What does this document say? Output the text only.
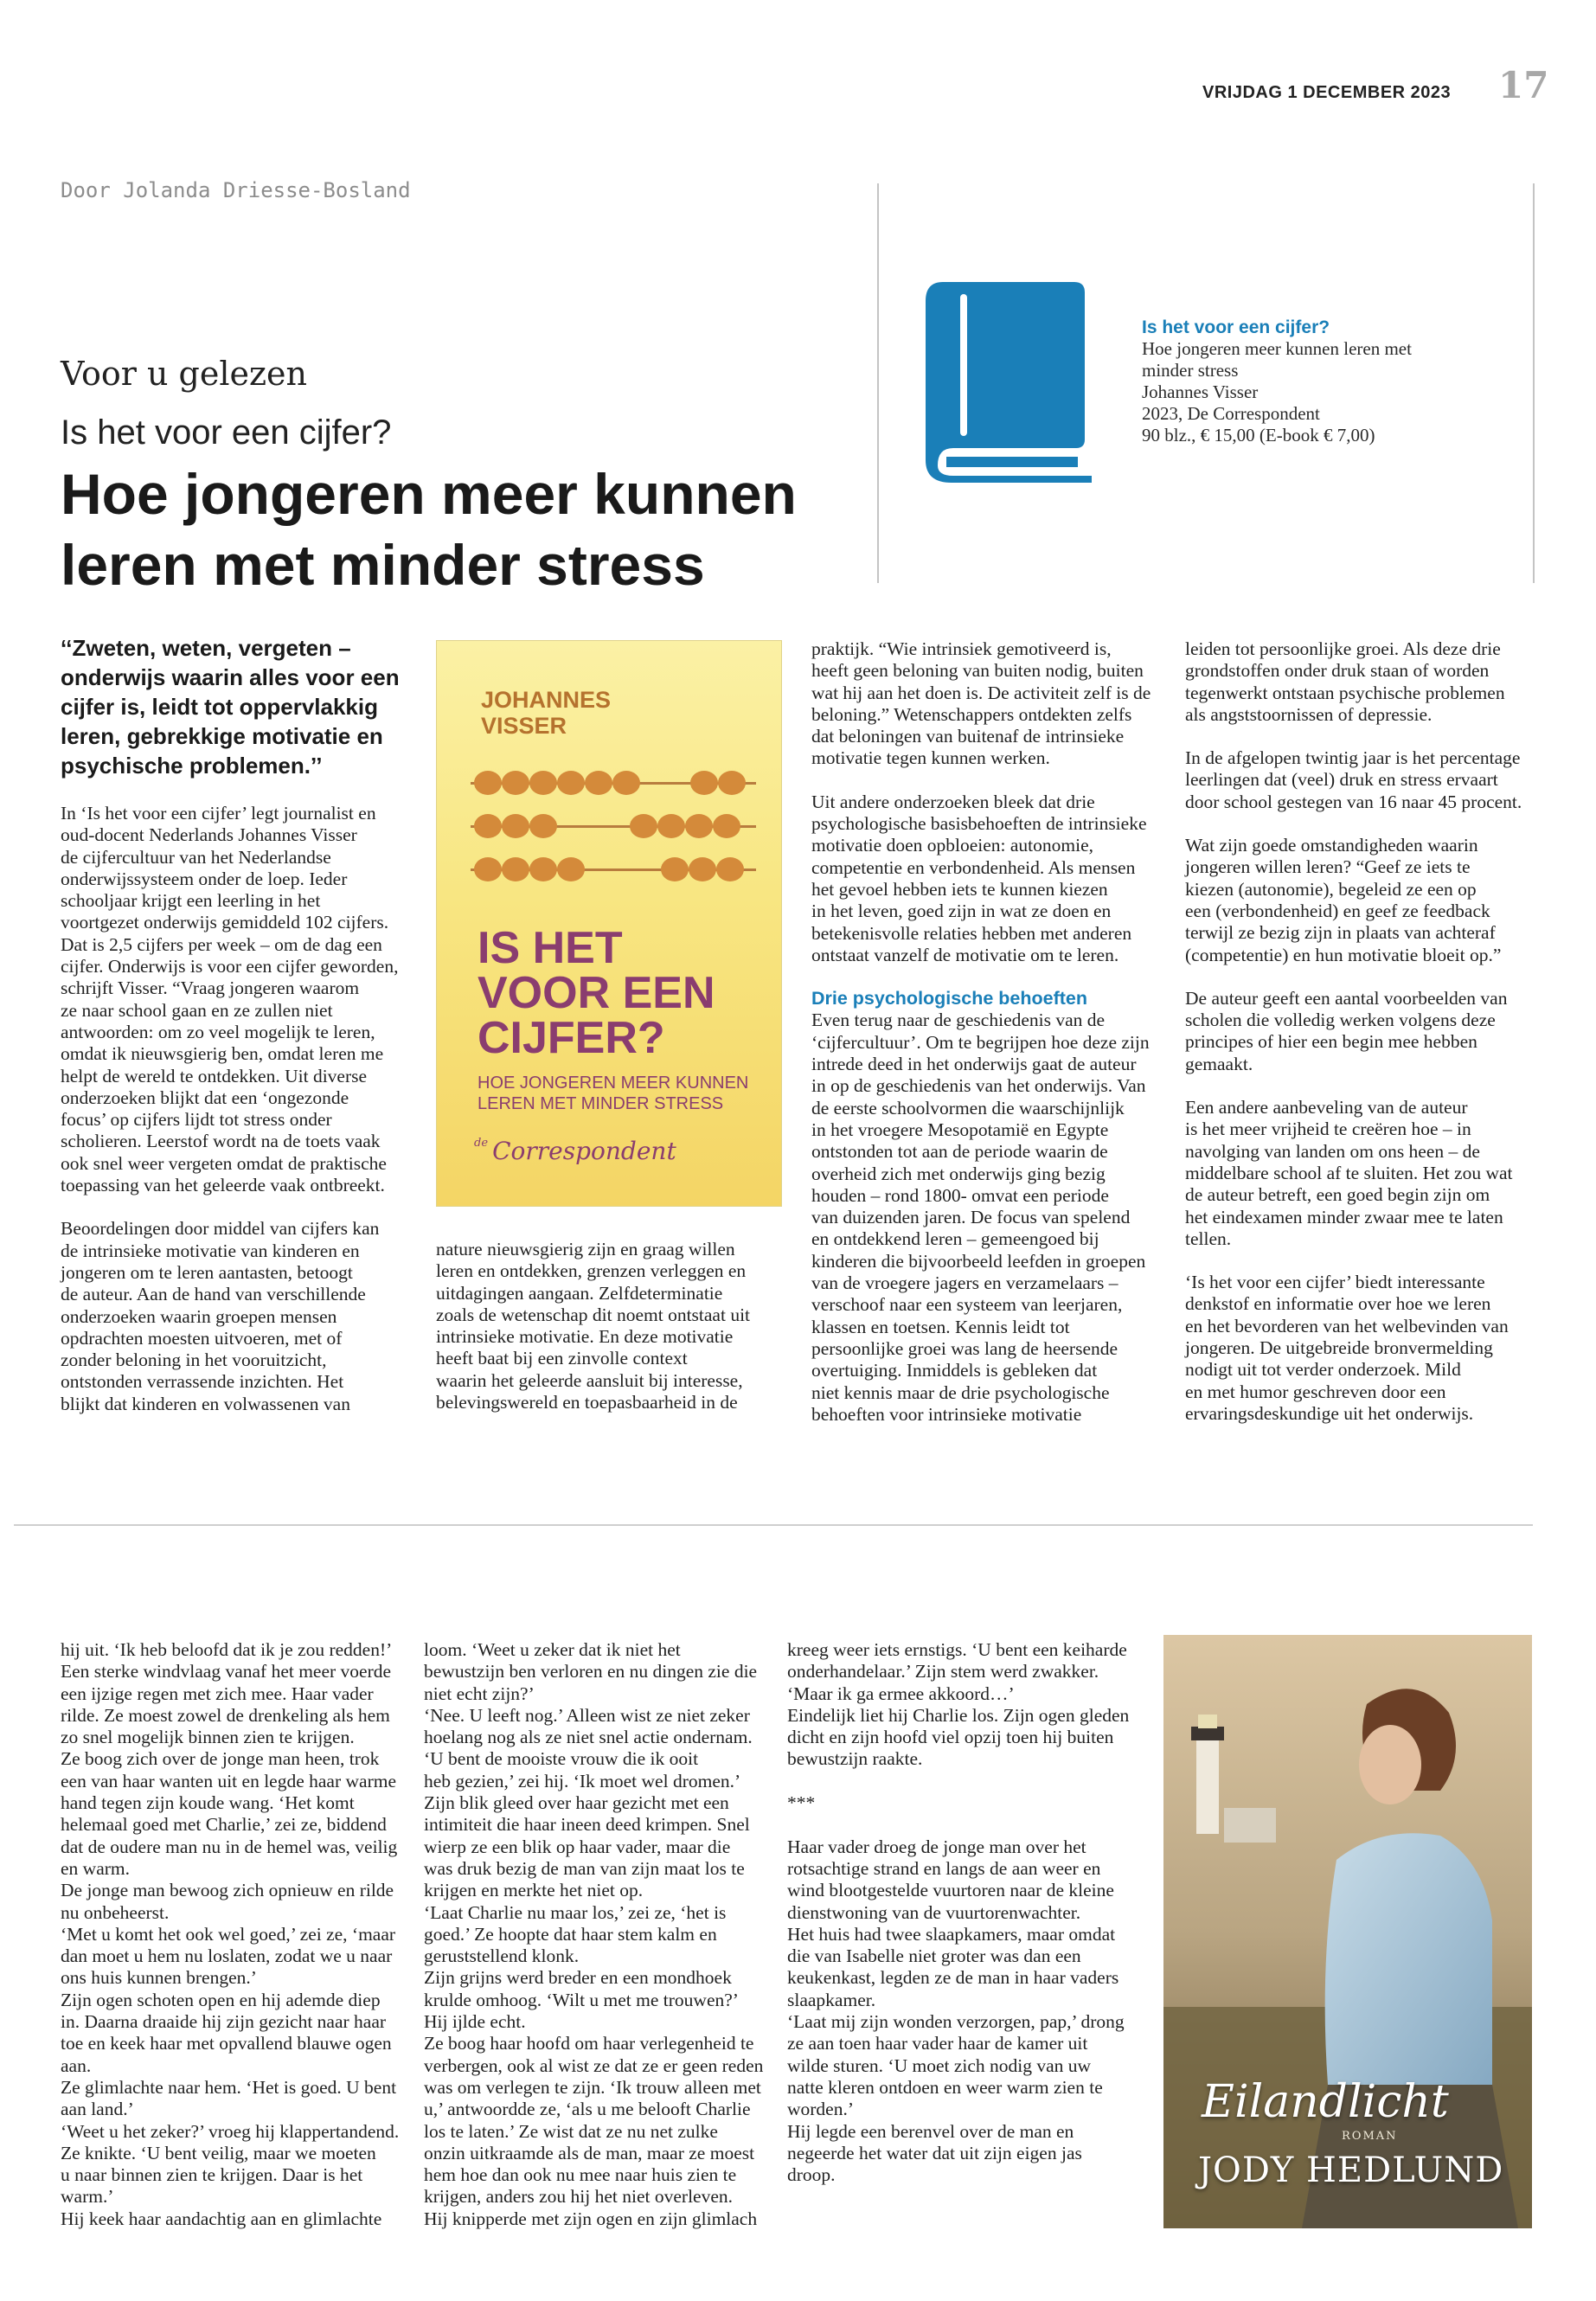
VRIJDAG 1 DECEMBER 2023 17
Door Jolanda Driesse-Bosland
Voor u gelezen
Is het voor een cijfer?
Hoe jongeren meer kunnen
leren met minder stress
Is het voor een cijfer?
Hoe jongeren meer kunnen leren met
minder stress
Johannes Visser
2023, De Correspondent
90 blz., € 15,00 (E-book € 7,00)
‘‘Zweten, weten, vergeten – onderwijs waarin alles voor een cijfer is, leidt tot oppervlakkig leren, gebrekkige motivatie en psychische problemen.’’

In ‘Is het voor een cijfer’ legt journalist en
oud-docent Nederlands Johannes Visser
de cijfercultuur van het Nederlandse
onderwijssysteem onder de loep. Ieder
schooljaar krijgt een leerling in het
voortgezet onderwijs gemiddeld 102 cijfers.
Dat is 2,5 cijfers per week – om de dag een
cijfer. Onderwijs is voor een cijfer geworden,
schrijft Visser. “Vraag jongeren waarom
ze naar school gaan en ze zullen niet
antwoorden: om zo veel mogelijk te leren,
omdat ik nieuwsgierig ben, omdat leren me
helpt de wereld te ontdekken. Uit diverse
onderzoeken blijkt dat een ‘ongezonde
focus’ op cijfers lijdt tot stress onder
scholieren. Leerstof wordt na de toets vaak
ook snel weer vergeten omdat de praktische
toepassing van het geleerde vaak ontbreekt.

Beoordelingen door middel van cijfers kan
de intrinsieke motivatie van kinderen en
jongeren om te leren aantasten, betoogt
de auteur. Aan de hand van verschillende
onderzoeken waarin groepen mensen
opdrachten moesten uitvoeren, met of
zonder beloning in het vooruitzicht,
ontstonden verrassende inzichten. Het
blijkt dat kinderen en volwassenen van

JOHANNES
VISSER
IS HET
VOOR EEN
CIJFER?
HOE JONGEREN MEER KUNNEN
LEREN MET MINDER STRESS
$^{de}$ Correspondent

nature nieuwsgierig zijn en graag willen
leren en ontdekken, grenzen verleggen en
uitdagingen aangaan. Zelfdeterminatie
zoals de wetenschap dit noemt ontstaat uit
intrinsieke motivatie. En deze motivatie
heeft baat bij een zinvolle context
waarin het geleerde aansluit bij interesse,
belevingswereld en toepasbaarheid in de

praktijk. “Wie intrinsiek gemotiveerd is,
heeft geen beloning van buiten nodig, buiten
wat hij aan het doen is. De activiteit zelf is de
beloning.” Wetenschappers ontdekten zelfs
dat beloningen van buitenaf de intrinsieke
motivatie tegen kunnen werken.

Uit andere onderzoeken bleek dat drie
psychologische basisbehoeften de intrinsieke
motivatie doen opbloeien: autonomie,
competentie en verbondenheid. Als mensen
het gevoel hebben iets te kunnen kiezen
in het leven, goed zijn in wat ze doen en
betekenisvolle relaties hebben met anderen
ontstaat vanzelf de motivatie om te leren.

Drie psychologische behoeften

Even terug naar de geschiedenis van de
‘cijfercultuur’. Om te begrijpen hoe deze zijn
intrede deed in het onderwijs gaat de auteur
in op de geschiedenis van het onderwijs. Van
de eerste schoolvormen die waarschijnlijk
in het vroegere Mesopotamië en Egypte
ontstonden tot aan de periode waarin de
overheid zich met onderwijs ging bezig
houden – rond 1800- omvat een periode
van duizenden jaren. De focus van spelend
en ontdekkend leren – gemeengoed bij
kinderen die bijvoorbeeld leefden in groepen
van de vroegere jagers en verzamelaars –
verschoof naar een systeem van leerjaren,
klassen en toetsen. Kennis leidt tot
persoonlijke groei was lang de heersende
overtuiging. Inmiddels is gebleken dat
niet kennis maar de drie psychologische
behoeften voor intrinsieke motivatie

leiden tot persoonlijke groei. Als deze drie
grondstoffen onder druk staan of worden
tegenwerkt ontstaan psychische problemen
als angststoornissen of depressie.

In de afgelopen twintig jaar is het percentage
leerlingen dat (veel) druk en stress ervaart
door school gestegen van 16 naar 45 procent.

Wat zijn goede omstandigheden waarin
jongeren willen leren? “Geef ze iets te
kiezen (autonomie), begeleid ze een op
een (verbondenheid) en geef ze feedback
terwijl ze bezig zijn in plaats van achteraf
(competentie) en hun motivatie bloeit op.”

De auteur geeft een aantal voorbeelden van
scholen die volledig werken volgens deze
principes of hier een begin mee hebben
gemaakt.

Een andere aanbeveling van de auteur
is het meer vrijheid te creëren hoe – in
navolging van landen om ons heen – de
middelbare school af te sluiten. Het zou wat
de auteur betreft, een goed begin zijn om
het eindexamen minder zwaar mee te laten
tellen.

‘Is het voor een cijfer’ biedt interessante
denkstof en informatie over hoe we leren
en het bevorderen van het welbevinden van
jongeren. De uitgebreide bronvermelding
nodigt uit tot verder onderzoek. Mild
en met humor geschreven door een
ervaringsdeskundige uit het onderwijs.

hij uit. ‘Ik heb beloofd dat ik je zou redden!’
Een sterke windvlaag vanaf het meer voerde
een ijzige regen met zich mee. Haar vader
rilde. Ze moest zowel de drenkeling als hem
zo snel mogelijk binnen zien te krijgen.
Ze boog zich over de jonge man heen, trok
een van haar wanten uit en legde haar warme
hand tegen zijn koude wang. ‘Het komt
helemaal goed met Charlie,’ zei ze, biddend
dat de oudere man nu in de hemel was, veilig
en warm.
De jonge man bewoog zich opnieuw en rilde
nu onbeheerst.
‘Met u komt het ook wel goed,’ zei ze, ‘maar
dan moet u hem nu loslaten, zodat we u naar
ons huis kunnen brengen.’
Zijn ogen schoten open en hij ademde diep
in. Daarna draaide hij zijn gezicht naar haar
toe en keek haar met opvallend blauwe ogen
aan.
Ze glimlachte naar hem. ‘Het is goed. U bent
aan land.’
‘Weet u het zeker?’ vroeg hij klappertandend.
Ze knikte. ‘U bent veilig, maar we moeten
u naar binnen zien te krijgen. Daar is het
warm.’
Hij keek haar aandachtig aan en glimlachte
loom. ‘Weet u zeker dat ik niet het
bewustzijn ben verloren en nu dingen zie die
niet echt zijn?’
‘Nee. U leeft nog.’ Alleen wist ze niet zeker
hoelang nog als ze niet snel actie ondernam.
‘U bent de mooiste vrouw die ik ooit
heb gezien,’ zei hij. ‘Ik moet wel dromen.’
Zijn blik gleed over haar gezicht met een
intimiteit die haar ineen deed krimpen. Snel
wierp ze een blik op haar vader, maar die
was druk bezig de man van zijn maat los te
krijgen en merkte het niet op.
‘Laat Charlie nu maar los,’ zei ze, ‘het is
goed.’ Ze hoopte dat haar stem kalm en
geruststellend klonk.
Zijn grijns werd breder en een mondhoek
krulde omhoog. ‘Wilt u met me trouwen?’
Hij ijlde echt.
Ze boog haar hoofd om haar verlegenheid te
verbergen, ook al wist ze dat ze er geen reden
was om verlegen te zijn. ‘Ik trouw alleen met
u,’ antwoordde ze, ‘als u me belooft Charlie
los te laten.’ Ze wist dat ze nu net zulke
onzin uitkraamde als de man, maar ze moest
hem hoe dan ook nu mee naar huis zien te
krijgen, anders zou hij het niet overleven.
Hij knipperde met zijn ogen en zijn glimlach
kreeg weer iets ernstigs. ‘U bent een keiharde
onderhandelaar.’ Zijn stem werd zwakker.
‘Maar ik ga ermee akkoord…’
Eindelijk liet hij Charlie los. Zijn ogen gleden
dicht en zijn hoofd viel opzij toen hij buiten
bewustzijn raakte.
***
Haar vader droeg de jonge man over het
rotsachtige strand en langs de aan weer en
wind blootgestelde vuurtoren naar de kleine
dienstwoning van de vuurtorenwachter.
Het huis had twee slaapkamers, maar omdat
die van Isabelle niet groter was dan een
keukenkast, legden ze de man in haar vaders
slaapkamer.
‘Laat mij zijn wonden verzorgen, pap,’ drong
ze aan toen haar vader haar de kamer uit
wilde sturen. ‘U moet zich nodig van uw
natte kleren ontdoen en weer warm zien te
worden.’
Hij legde een berenvel over de man en
negeerde het water dat uit zijn eigen jas
droop.
Eilandlicht
ROMAN
JODY HEDLUND
